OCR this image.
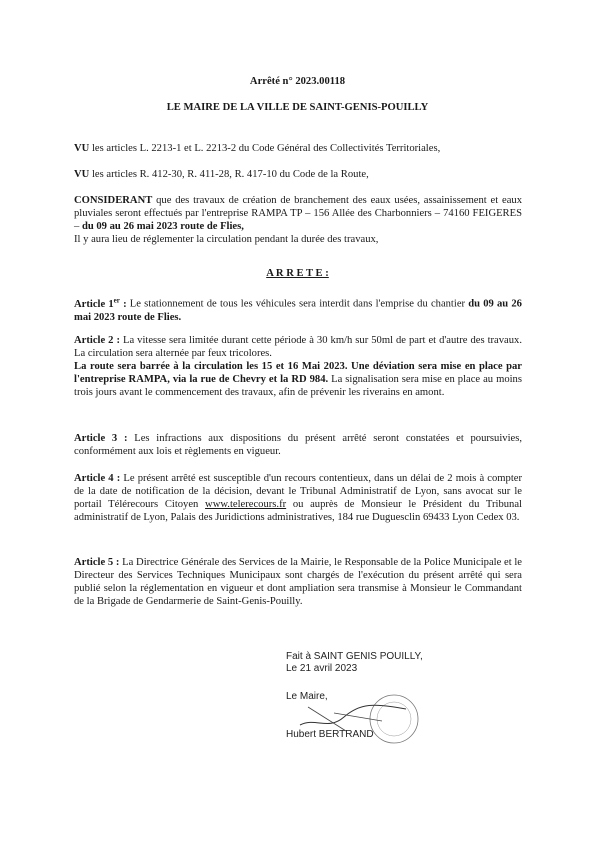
Arrêté n° 2023.00118
LE MAIRE DE LA VILLE DE SAINT-GENIS-POUILLY
VU les articles L. 2213-1 et L. 2213-2 du Code Général des Collectivités Territoriales,
VU les articles R. 412-30, R. 411-28, R. 417-10 du Code de la Route,
CONSIDERANT que des travaux de création de branchement des eaux usées, assainissement et eaux pluviales seront effectués par l'entreprise RAMPA TP – 156 Allée des Charbonniers – 74160 FEIGERES – du 09 au 26 mai 2023 route de Flies,
Il y aura lieu de réglementer la circulation pendant la durée des travaux,
A R R E T E :
Article 1er : Le stationnement de tous les véhicules sera interdit dans l'emprise du chantier du 09 au 26 mai 2023 route de Flies.
Article 2 : La vitesse sera limitée durant cette période à 30 km/h sur 50ml de part et d'autre des travaux. La circulation sera alternée par feux tricolores.
La route sera barrée à la circulation les 15 et 16 Mai 2023. Une déviation sera mise en place par l'entreprise RAMPA, via la rue de Chevry et la RD 984. La signalisation sera mise en place au moins trois jours avant le commencement des travaux, afin de prévenir les riverains en amont.
Article 3 : Les infractions aux dispositions du présent arrêté seront constatées et poursuivies, conformément aux lois et règlements en vigueur.
Article 4 : Le présent arrêté est susceptible d'un recours contentieux, dans un délai de 2 mois à compter de la date de notification de la décision, devant le Tribunal Administratif de Lyon, sans avocat sur le portail Télérecours Citoyen www.telerecours.fr ou auprès de Monsieur le Président du Tribunal administratif de Lyon, Palais des Juridictions administratives, 184 rue Duguesclin 69433 Lyon Cedex 03.
Article 5 : La Directrice Générale des Services de la Mairie, le Responsable de la Police Municipale et le Directeur des Services Techniques Municipaux sont chargés de l'exécution du présent arrêté qui sera publié selon la réglementation en vigueur et dont ampliation sera transmise à Monsieur le Commandant de la Brigade de Gendarmerie de Saint-Genis-Pouilly.
Fait à SAINT GENIS POUILLY,
Le 21 avril 2023
Le Maire,
Hubert BERTRAND
